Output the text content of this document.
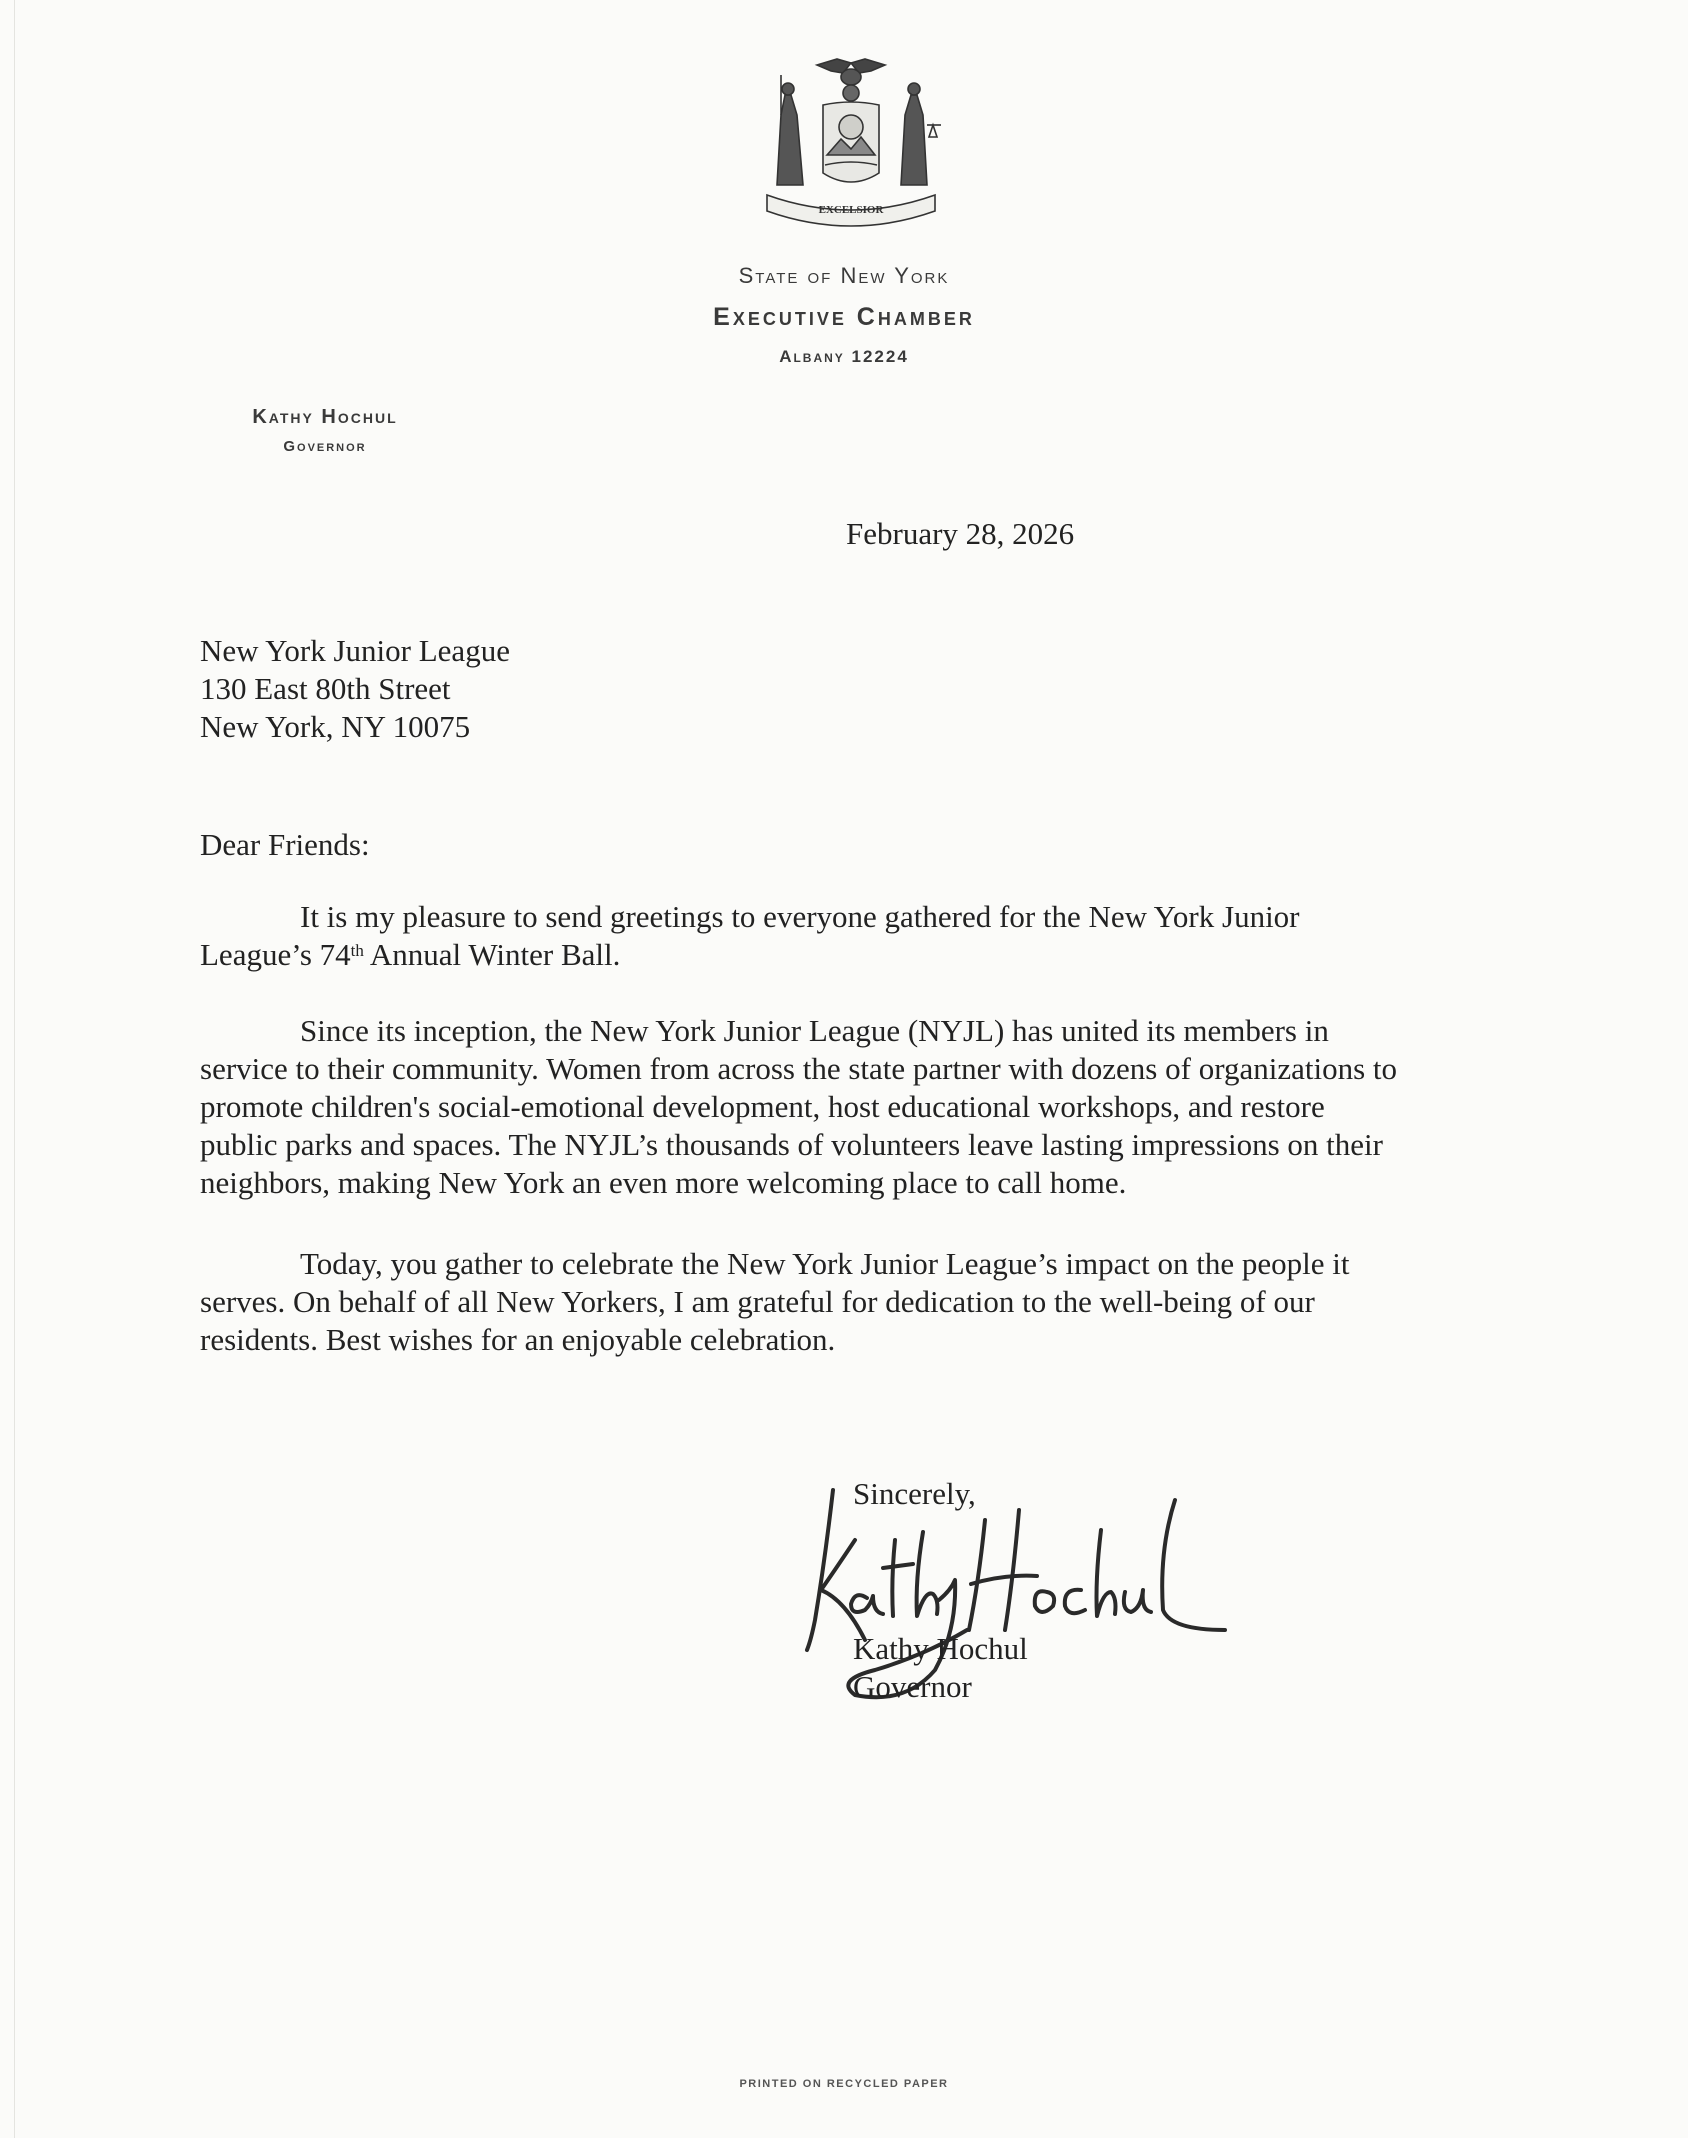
EXCELSIOR
State of New York
Executive Chamber
Albany 12224
Kathy Hochul
Governor
February 28, 2026
New York Junior League
130 East 80th Street
New York, NY 10075
Dear Friends:
It is my pleasure to send greetings to everyone gathered for the New York Junior
League’s 74th Annual Winter Ball.
Since its inception, the New York Junior League (NYJL) has united its members in
service to their community. Women from across the state partner with dozens of organizations to
promote children's social-emotional development, host educational workshops, and restore
public parks and spaces. The NYJL’s thousands of volunteers leave lasting impressions on their
neighbors, making New York an even more welcoming place to call home.
Today, you gather to celebrate the New York Junior League’s impact on the people it
serves. On behalf of all New Yorkers, I am grateful for dedication to the well-being of our
residents. Best wishes for an enjoyable celebration.
Sincerely,
Kathy Hochul
Governor
PRINTED ON RECYCLED PAPER
